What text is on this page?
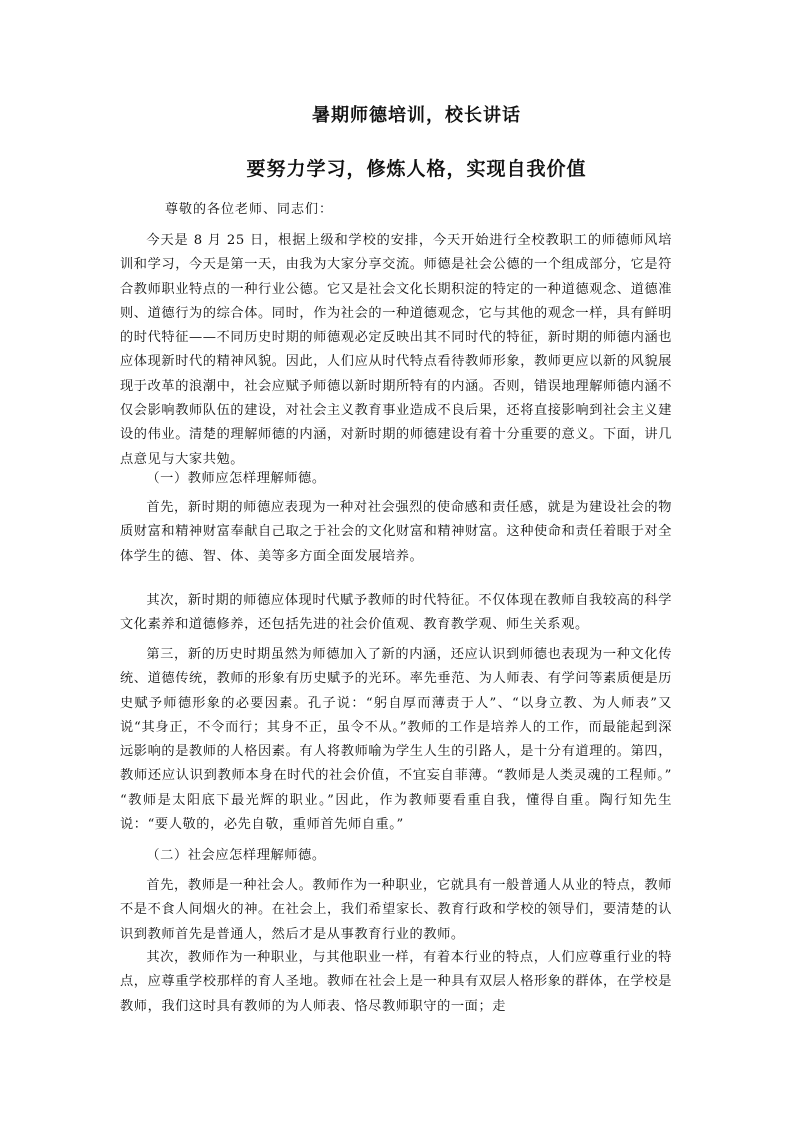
暑期师德培训，校长讲话
要努力学习，修炼人格，实现自我价值
尊敬的各位老师、同志们：

今天是 8 月 25 日，根据上级和学校的安排，今天开始进行全校教职工的师德师风培训和学习，今天是第一天，由我为大家分享交流。师德是社会公德的一个组成部分，它是符合教师职业特点的一种行业公德。它又是社会文化长期积淀的特定的一种道德观念、道德准则、道德行为的综合体。同时，作为社会的一种道德观念，它与其他的观念一样，具有鲜明的时代特征——不同历史时期的师德观必定反映出其不同时代的特征，新时期的师德内涵也应体现新时代的精神风貌。因此，人们应从时代特点看待教师形象，教师更应以新的风貌展现于改革的浪潮中，社会应赋予师德以新时期所特有的内涵。否则，错误地理解师德内涵不仅会影响教师队伍的建设，对社会主义教育事业造成不良后果，还将直接影响到社会主义建设的伟业。清楚的理解师德的内涵，对新时期的师德建设有着十分重要的意义。下面，讲几点意见与大家共勉。

（一）教师应怎样理解师德。

首先，新时期的师德应表现为一种对社会强烈的使命感和责任感，就是为建设社会的物质财富和精神财富奉献自己取之于社会的文化财富和精神财富。这种使命和责任着眼于对全体学生的德、智、体、美等多方面全面发展培养。

其次，新时期的师德应体现时代赋予教师的时代特征。不仅体现在教师自我较高的科学文化素养和道德修养，还包括先进的社会价值观、教育教学观、师生关系观。

第三，新的历史时期虽然为师德加入了新的内涵，还应认识到师德也表现为一种文化传统、道德传统，教师的形象有历史赋予的光环。率先垂范、为人师表、有学问等素质便是历史赋予师德形象的必要因素。孔子说：“躬自厚而薄责于人”、“以身立教、为人师表”又说“其身正，不令而行；其身不正，虽令不从。”教师的工作是培养人的工作，而最能起到深远影响的是教师的人格因素。有人将教师喻为学生人生的引路人，是十分有道理的。第四，教师还应认识到教师本身在时代的社会价值，不宜妄自菲薄。“教师是人类灵魂的工程师。” “教师是太阳底下最光辉的职业。”因此，作为教师要看重自我，懂得自重。陶行知先生说：“要人敬的，必先自敬，重师首先师自重。”

（二）社会应怎样理解师德。

首先，教师是一种社会人。教师作为一种职业，它就具有一般普通人从业的特点，教师不是不食人间烟火的神。在社会上，我们希望家长、教育行政和学校的领导们，要清楚的认识到教师首先是普通人，然后才是从事教育行业的教师。

其次，教师作为一种职业，与其他职业一样，有着本行业的特点，人们应尊重行业的特点，应尊重学校那样的育人圣地。教师在社会上是一种具有双层人格形象的群体，在学校是教师，我们这时具有教师的为人师表、恪尽教师职守的一面；走
